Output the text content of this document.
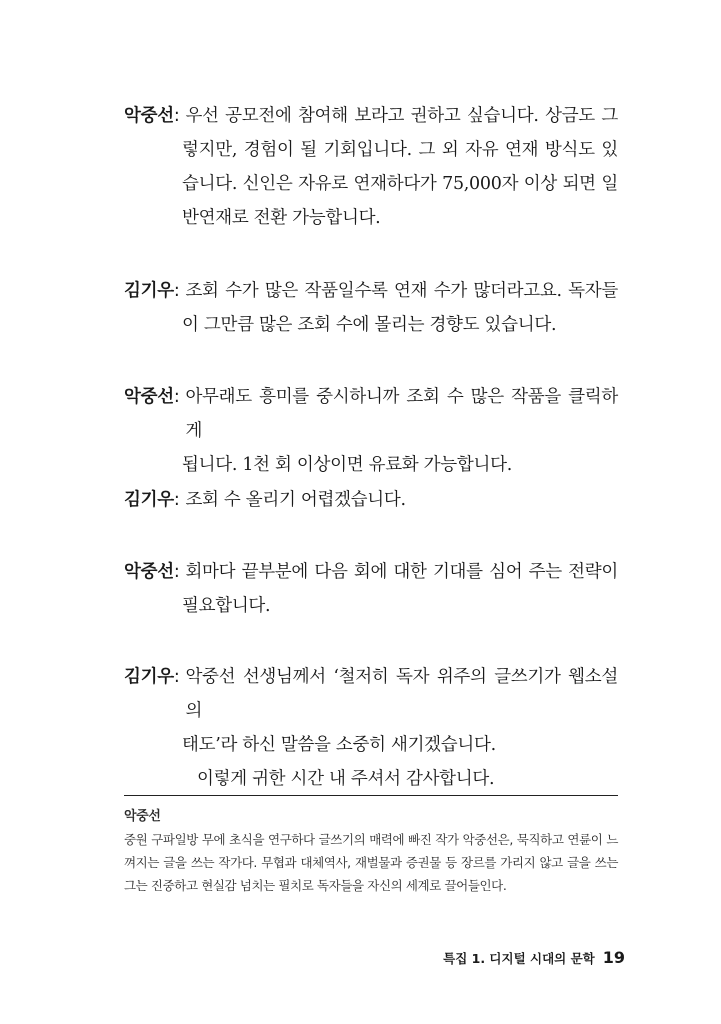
악중선: 우선 공모전에 참여해 보라고 권하고 싶습니다. 상금도 그

렇지만, 경험이 될 기회입니다. 그 외 자유 연재 방식도 있

습니다. 신인은 자유로 연재하다가 75,000자 이상 되면 일

반연재로 전환 가능합니다.

김기우: 조회 수가 많은 작품일수록 연재 수가 많더라고요. 독자들

이 그만큼 많은 조회 수에 몰리는 경향도 있습니다.

악중선: 아무래도 흥미를 중시하니까 조회 수 많은 작품을 클릭하게

됩니다. 1천 회 이상이면 유료화 가능합니다.

김기우: 조회 수 올리기 어렵겠습니다.

악중선: 회마다 끝부분에 다음 회에 대한 기대를 심어 주는 전략이

필요합니다.

김기우: 악중선 선생님께서 ‘철저히 독자 위주의 글쓰기가 웹소설의

태도’라 하신 말씀을 소중히 새기겠습니다.

이렇게 귀한 시간 내 주셔서 감사합니다.

악중선

중원 구파일방 무에 초식을 연구하다 글쓰기의 매력에 빠진 작가 악중선은, 묵직하고 연륜이 느껴지는 글을 쓰는 작가다. 무협과 대체역사, 재벌물과 증권물 등 장르를 가리지 않고 글을 쓰는 그는 진중하고 현실감 넘치는 필치로 독자들을 자신의 세계로 끌어들인다.

특집 1. 디지털 시대의 문학 19
